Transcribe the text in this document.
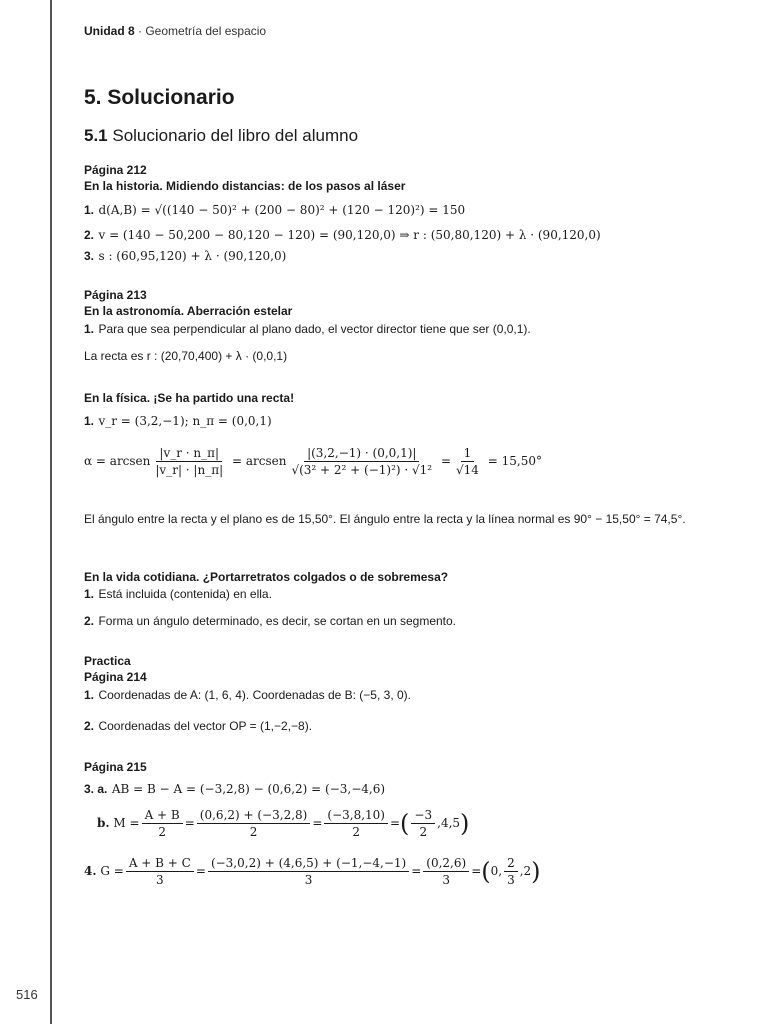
516
Unidad 8 · Geometría del espacio
5. Solucionario
5.1 Solucionario del libro del alumno
Página 212
En la historia. Midiendo distancias: de los pasos al láser
1. d(A,B) = √((140 − 50)² + (200 − 80)² + (120 − 120)²) = 150
2. v = (140 − 50,200 − 80,120 − 120) = (90,120,0) ⇒ r : (50,80,120) + λ · (90,120,0)
3. s : (60,95,120) + λ · (90,120,0)
Página 213
En la astronomía. Aberración estelar
1. Para que sea perpendicular al plano dado, el vector director tiene que ser (0,0,1).
La recta es r : (20,70,400) + λ · (0,0,1)
En la física. ¡Se ha partido una recta!
1. v_r = (3,2,−1); n_π = (0,0,1)
α = arcsen $\frac{|v\_r \cdot n\_\pi|}{|v\_r| \cdot |n\_\pi|}$ = arcsen $\frac{|(3,2,-1) \cdot (0,0,1)|}{\text{√(3² + 2² + (−1)²) · √1²}} = \frac{1}{√14} = 15,50^\circ$
El ángulo entre la recta y el plano es de 15,50°. El ángulo entre la recta y la línea normal es 90° − 15,50° = 74,5°.
En la vida cotidiana. ¿Portarretratos colgados o de sobremesa?
1. Está incluida (contenida) en ella.
2. Forma un ángulo determinado, es decir, se cortan en un segmento.
Practica
Página 214
1. Coordenadas de A: (1, 6, 4). Coordenadas de B: (−5, 3, 0).
2. Coordenadas del vector OP = (1,−2,−8).
Página 215
3. a. AB = B − A = (−3,2,8) − (0,6,2) = (−3,−4,6)
b. $M = \frac{A + B}{2} = \frac{(0,6,2) + (-3,2,8)}{2} = \frac{(-3,8,10)}{2}$ =( $\frac{-3}{2} ,4,5$)
4. $G = \frac{A + B + C}{3} = \frac{(-3,0,2) + (4,6,5) + (-1,-4,-1)}{3} = \frac{(0,2,6)}{3} =(0$, $\frac{2}{3} ,2$)
